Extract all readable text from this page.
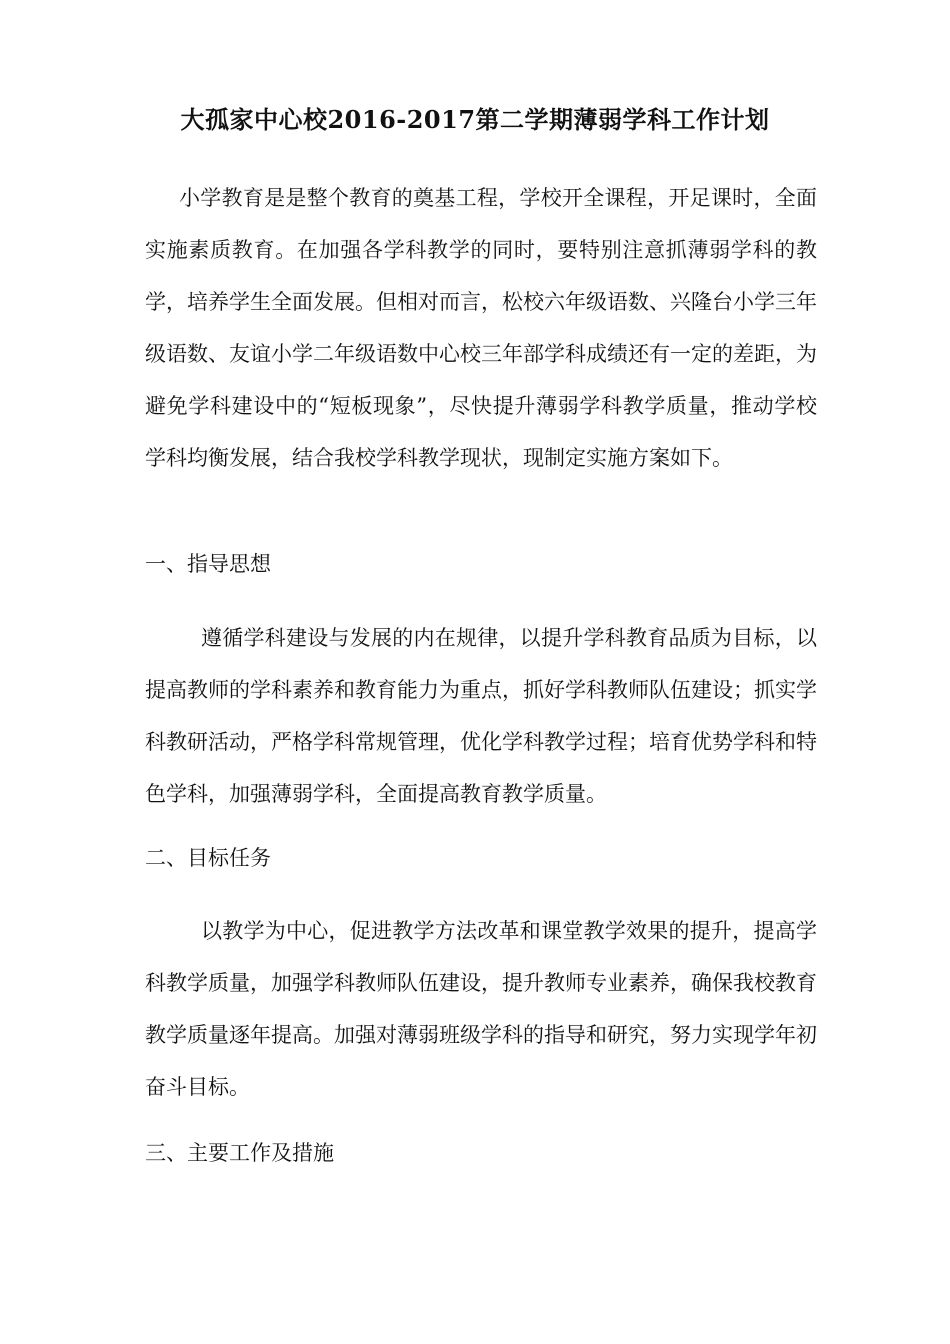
大孤家中心校2016-2017第二学期薄弱学科工作计划

小学教育是是整个教育的奠基工程，学校开全课程，开足课时，全面实施素质教育。在加强各学科教学的同时，要特别注意抓薄弱学科的教学，培养学生全面发展。但相对而言，松校六年级语数、兴隆台小学三年级语数、友谊小学二年级语数中心校三年部学科成绩还有一定的差距，为避免学科建设中的“短板现象”，尽快提升薄弱学科教学质量，推动学校学科均衡发展，结合我校学科教学现状，现制定实施方案如下。

一、指导思想

遵循学科建设与发展的内在规律，以提升学科教育品质为目标，以提高教师的学科素养和教育能力为重点，抓好学科教师队伍建设；抓实学科教研活动，严格学科常规管理，优化学科教学过程；培育优势学科和特色学科，加强薄弱学科，全面提高教育教学质量。

二、目标任务

以教学为中心，促进教学方法改革和课堂教学效果的提升，提高学科教学质量，加强学科教师队伍建设，提升教师专业素养，确保我校教育教学质量逐年提高。加强对薄弱班级学科的指导和研究，努力实现学年初奋斗目标。

三、主要工作及措施
